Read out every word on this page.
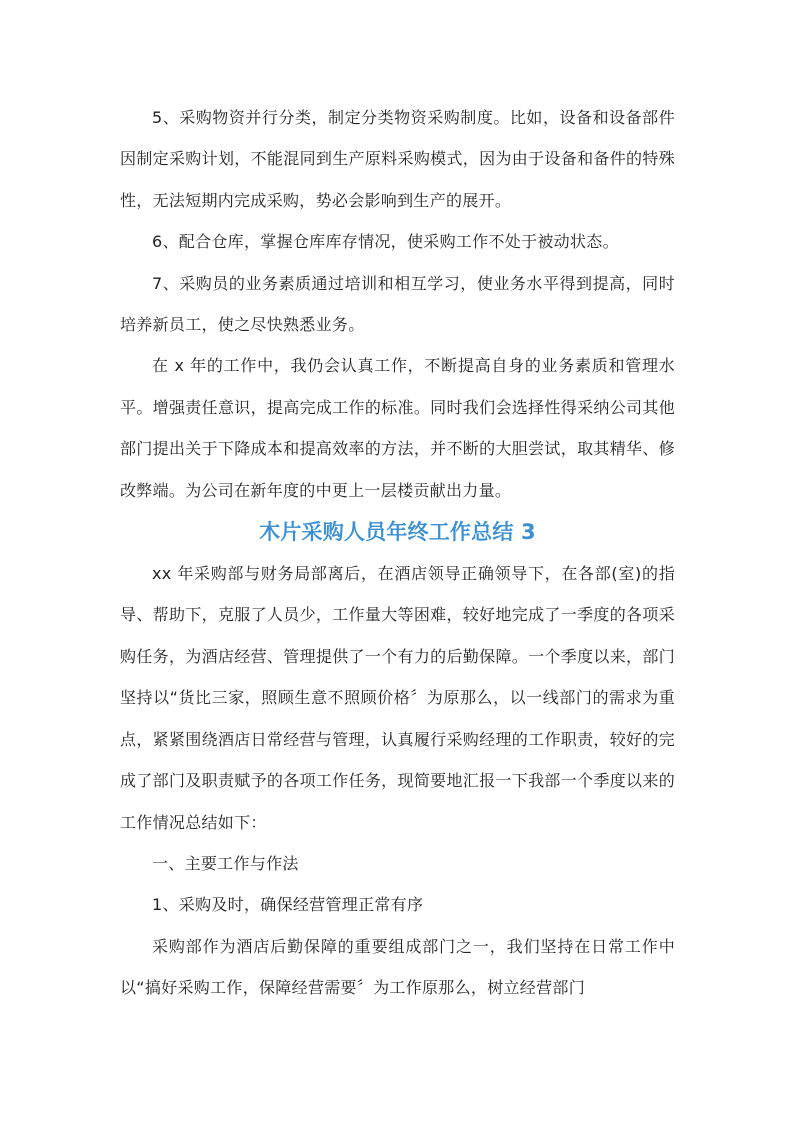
5、采购物资并行分类，制定分类物资采购制度。比如，设备和设备部件因制定采购计划，不能混同到生产原料采购模式，因为由于设备和备件的特殊性，无法短期内完成采购，势必会影响到生产的展开。

6、配合仓库，掌握仓库库存情况，使采购工作不处于被动状态。

7、采购员的业务素质通过培训和相互学习，使业务水平得到提高，同时培养新员工，使之尽快熟悉业务。

在 x 年的工作中，我仍会认真工作，不断提高自身的业务素质和管理水平。增强责任意识，提高完成工作的标准。同时我们会选择性得采纳公司其他部门提出关于下降成本和提高效率的方法，并不断的大胆尝试，取其精华、修改弊端。为公司在新年度的中更上一层楼贡献出力量。

木片采购人员年终工作总结 3

xx 年采购部与财务局部离后，在酒店领导正确领导下，在各部(室)的指导、帮助下，克服了人员少，工作量大等困难，较好地完成了一季度的各项采购任务，为酒店经营、管理提供了一个有力的后勤保障。一个季度以来，部门坚持以“货比三家，照顾生意不照顾价格〞为原那么，以一线部门的需求为重点，紧紧围绕酒店日常经营与管理，认真履行采购经理的工作职责，较好的完成了部门及职责赋予的各项工作任务，现简要地汇报一下我部一个季度以来的工作情况总结如下：

一、主要工作与作法

1、采购及时，确保经营管理正常有序

采购部作为酒店后勤保障的重要组成部门之一，我们坚持在日常工作中以“搞好采购工作，保障经营需要〞为工作原那么，树立经营部门
